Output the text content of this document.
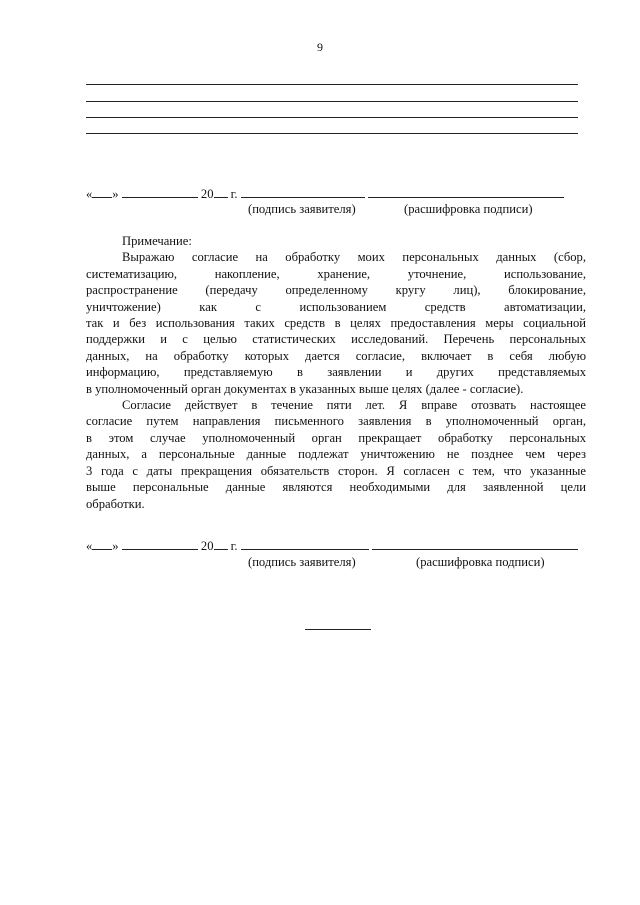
9
« »	20 г.
(подпись заявителя)	(расшифровка подписи)
Примечание:
Выражаю согласие на обработку моих персональных данных (сбор,
систематизацию, накопление, хранение, уточнение, использование,
распространение (передачу определенному кругу лиц), блокирование,
уничтожение) как с использованием средств автоматизации,
так и без использования таких средств в целях предоставления меры социальной
поддержки и с целью статистических исследований. Перечень персональных
данных, на обработку которых дается согласие, включает в себя любую
информацию, представляемую в заявлении и других представляемых
в уполномоченный орган документах в указанных выше целях (далее - согласие).
Согласие действует в течение пяти лет. Я вправе отозвать настоящее
согласие путем направления письменного заявления в уполномоченный орган,
в этом случае уполномоченный орган прекращает обработку персональных
данных, а персональные данные подлежат уничтожению не позднее чем через
3 года с даты прекращения обязательств сторон. Я согласен с тем, что указанные
выше персональные данные являются необходимыми для заявленной цели
обработки.
« »	20 г.
(подпись заявителя)	(расшифровка подписи)
